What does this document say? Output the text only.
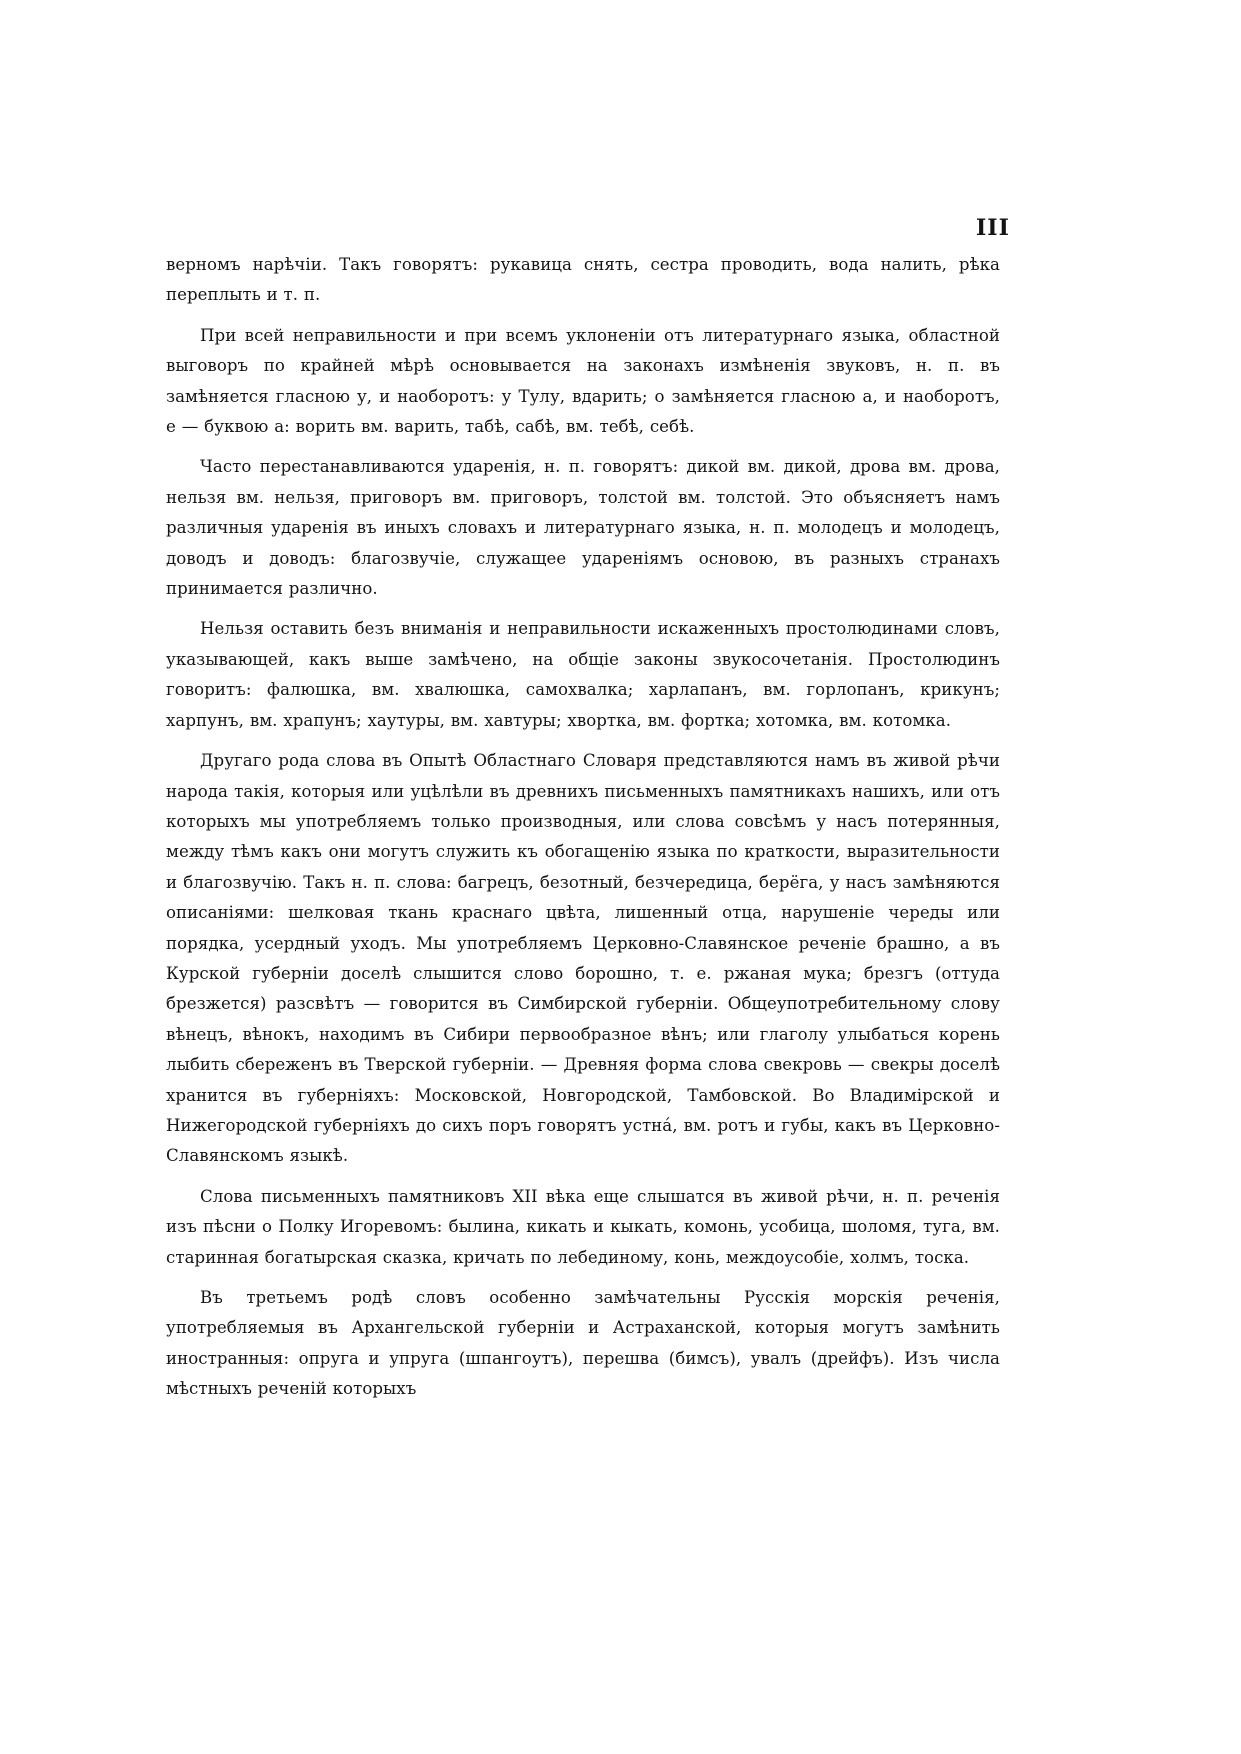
III

верномъ нарѣчіи. Такъ говорятъ: рукавица снять, сестра проводить, вода налить, рѣка переплыть и т. п.

При всей неправильности и при всемъ уклоненіи отъ литературнаго языка, областной выговоръ по крайней мѣрѣ основывается на законахъ измѣненія звуковъ, н. п. въ замѣняется гласною у, и наоборотъ: у Тулу, вдарить; о замѣняется гласною а, и наоборотъ, е — буквою а: ворить вм. варить, табѣ, сабѣ, вм. тебѣ, себѣ.

Часто перестанавливаются ударенія, н. п. говорятъ: дикой вм. дикой, дрова вм. дрова, нельзя вм. нельзя, приговоръ вм. приговоръ, толстой вм. толстой. Это объясняетъ намъ различныя ударенія въ иныхъ словахъ и литературнаго языка, н. п. молодецъ и молодецъ, доводъ и доводъ: благозвучіе, служащее удареніямъ основою, въ разныхъ странахъ принимается различно.

Нельзя оставить безъ вниманія и неправильности искаженныхъ простолюдинами словъ, указывающей, какъ выше замѣчено, на общіе законы звукосочетанія. Простолюдинъ говоритъ: фалюшка, вм. хвалюшка, самохвалка; харлапанъ, вм. горлопанъ, крикунъ; харпунъ, вм. храпунъ; хаутуры, вм. хавтуры; хвортка, вм. фортка; хотомка, вм. котомка.

Другаго рода слова въ Опытѣ Областнаго Словаря представляются намъ въ живой рѣчи народа такія, которыя или уцѣлѣли въ древнихъ письменныхъ памятникахъ нашихъ, или отъ которыхъ мы употребляемъ только производныя, или слова совсѣмъ у насъ потерянныя, между тѣмъ какъ они могутъ служить къ обогащенію языка по краткости, выразительности и благозвучію. Такъ н. п. слова: багрецъ, безотный, безчередица, берёга, у насъ замѣняются описаніями: шелковая ткань краснаго цвѣта, лишенный отца, нарушеніе череды или порядка, усердный уходъ. Мы употребляемъ Церковно-Славянское реченіе брашно, а въ Курской губерніи доселѣ слышится слово борошно, т. е. ржаная мука; брезгъ (оттуда брезжется) разсвѣтъ — говорится въ Симбирской губерніи. Общеупотребительному слову вѣнецъ, вѣнокъ, находимъ въ Сибири первообразное вѣнъ; или глаголу улыбаться корень лыбить сбереженъ въ Тверской губерніи. — Древняя форма слова свекровь — свекры доселѣ хранится въ губерніяхъ: Московской, Новгородской, Тамбовской. Во Владимірской и Нижегородской губерніяхъ до сихъ поръ говорятъ устнá, вм. ротъ и губы, какъ въ Церковно-Славянскомъ языкѣ.

Слова письменныхъ памятниковъ XII вѣка еще слышатся въ живой рѣчи, н. п. реченія изъ пѣсни о Полку Игоревомъ: былина, кикать и кыкать, комонь, усобица, шоломя, туга, вм. старинная богатырская сказка, кричать по лебединому, конь, междоусобіе, холмъ, тоска.

Въ третьемъ родѣ словъ особенно замѣчательны Русскія морскія реченія, употребляемыя въ Архангельской губерніи и Астраханской, которыя могутъ замѣнить иностранныя: опруга и упруга (шпангоутъ), перешва (бимсъ), увалъ (дрейфъ). Изъ числа мѣстныхъ реченій которыхъ
